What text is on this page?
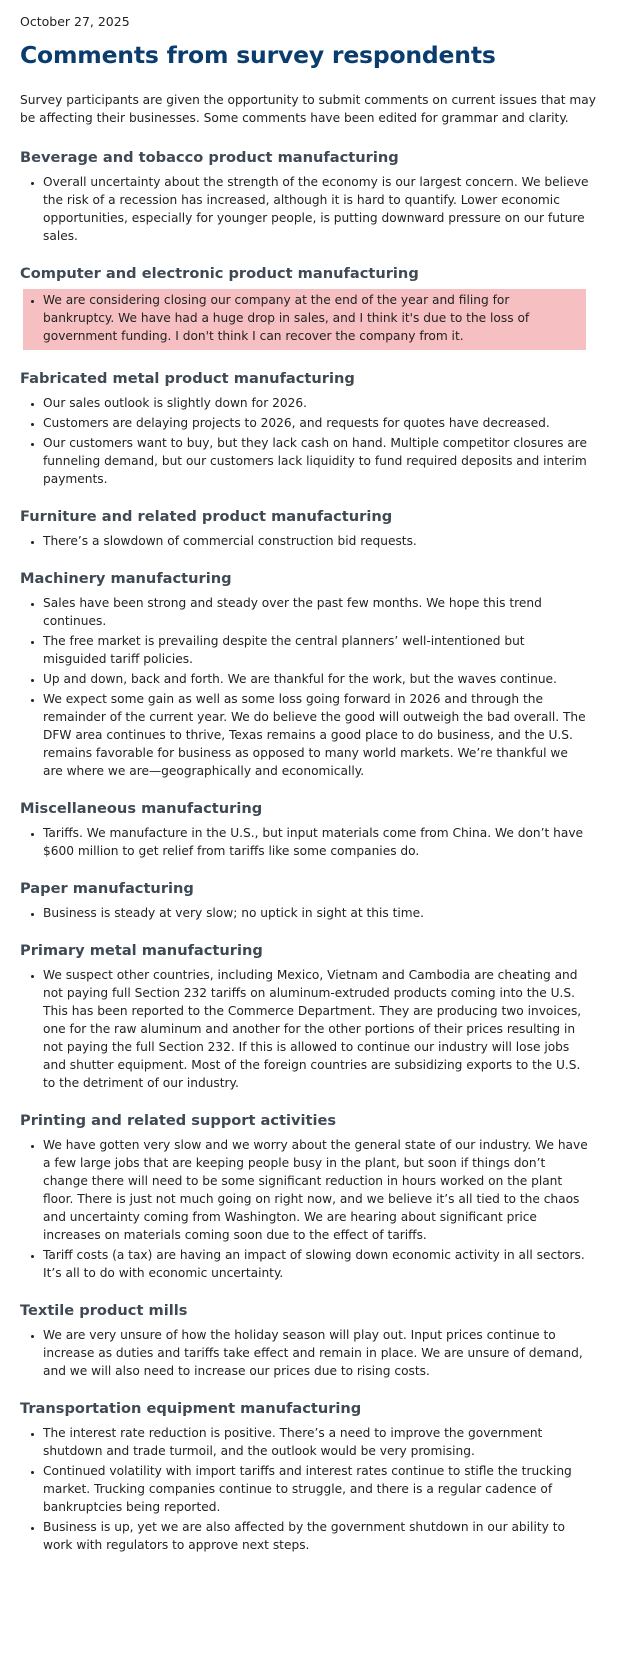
October 27, 2025
Comments from survey respondents

Survey participants are given the opportunity to submit comments on current issues that may be affecting their businesses. Some comments have been edited for grammar and clarity.

Beverage and tobacco product manufacturing
• Overall uncertainty about the strength of the economy is our largest concern. We believe the risk of a recession has increased, although it is hard to quantify. Lower economic opportunities, especially for younger people, is putting downward pressure on our future sales.
Computer and electronic product manufacturing
• We are considering closing our company at the end of the year and filing for bankruptcy. We have had a huge drop in sales, and I think it's due to the loss of government funding. I don't think I can recover the company from it.
Fabricated metal product manufacturing
• Our sales outlook is slightly down for 2026.
• Customers are delaying projects to 2026, and requests for quotes have decreased.
• Our customers want to buy, but they lack cash on hand. Multiple competitor closures are funneling demand, but our customers lack liquidity to fund required deposits and interim payments.
Furniture and related product manufacturing
• There’s a slowdown of commercial construction bid requests.
Machinery manufacturing
• Sales have been strong and steady over the past few months. We hope this trend continues.
• The free market is prevailing despite the central planners’ well-intentioned but misguided tariff policies.
• Up and down, back and forth. We are thankful for the work, but the waves continue.
• We expect some gain as well as some loss going forward in 2026 and through the remainder of the current year. We do believe the good will outweigh the bad overall. The DFW area continues to thrive, Texas remains a good place to do business, and the U.S. remains favorable for business as opposed to many world markets. We’re thankful we are where we are—geographically and economically.
Miscellaneous manufacturing
• Tariffs. We manufacture in the U.S., but input materials come from China. We don’t have $600 million to get relief from tariffs like some companies do.
Paper manufacturing
• Business is steady at very slow; no uptick in sight at this time.
Primary metal manufacturing
• We suspect other countries, including Mexico, Vietnam and Cambodia are cheating and not paying full Section 232 tariffs on aluminum-extruded products coming into the U.S. This has been reported to the Commerce Department. They are producing two invoices, one for the raw aluminum and another for the other portions of their prices resulting in not paying the full Section 232. If this is allowed to continue our industry will lose jobs and shutter equipment. Most of the foreign countries are subsidizing exports to the U.S. to the detriment of our industry.
Printing and related support activities
• We have gotten very slow and we worry about the general state of our industry. We have a few large jobs that are keeping people busy in the plant, but soon if things don’t change there will need to be some significant reduction in hours worked on the plant floor. There is just not much going on right now, and we believe it’s all tied to the chaos and uncertainty coming from Washington. We are hearing about significant price increases on materials coming soon due to the effect of tariffs.
• Tariff costs (a tax) are having an impact of slowing down economic activity in all sectors. It’s all to do with economic uncertainty.
Textile product mills
• We are very unsure of how the holiday season will play out. Input prices continue to increase as duties and tariffs take effect and remain in place. We are unsure of demand, and we will also need to increase our prices due to rising costs.
Transportation equipment manufacturing
• The interest rate reduction is positive. There’s a need to improve the government shutdown and trade turmoil, and the outlook would be very promising.
• Continued volatility with import tariffs and interest rates continue to stifle the trucking market. Trucking companies continue to struggle, and there is a regular cadence of bankruptcies being reported.
• Business is up, yet we are also affected by the government shutdown in our ability to work with regulators to approve next steps.
